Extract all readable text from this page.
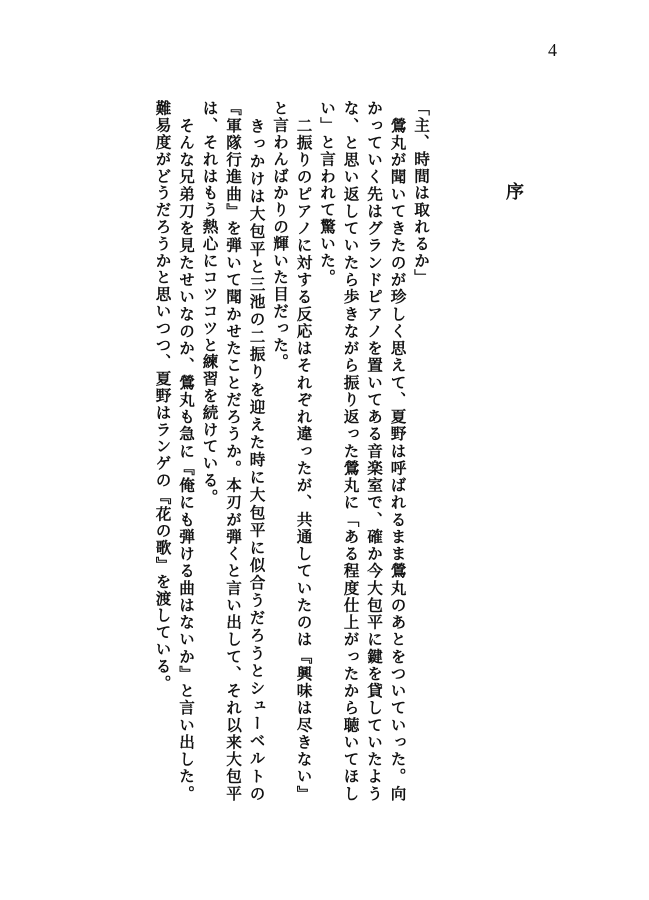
4
序

「主、時間は取れるか」

　鶯丸が聞いてきたのが珍しく思えて、夏野は呼ばれるまま鶯丸のあとをついていった。向かっていく先はグランドピアノを置いてある音楽室で、確か今大包平に鍵を貸していたような、と思い返していたら歩きながら振り返った鶯丸に「ある程度仕上がったから聴いてほしい」と言われて驚いた。

　二振りのピアノに対する反応はそれぞれ違ったが、共通していたのは『興味は尽きない』と言わんばかりの輝いた目だった。

　きっかけは大包平と三池の二振りを迎えた時に大包平に似合うだろうとシューベルトの『軍隊行進曲』を弾いて聞かせたことだろうか。本刃が弾くと言い出して、それ以来大包平は、それはもう熱心にコツコツと練習を続けている。

　そんな兄弟刀を見たせいなのか、鶯丸も急に『俺にも弾ける曲はないか』と言い出した。難易度がどうだろうかと思いつつ、夏野はランゲの『花の歌』を渡している。
